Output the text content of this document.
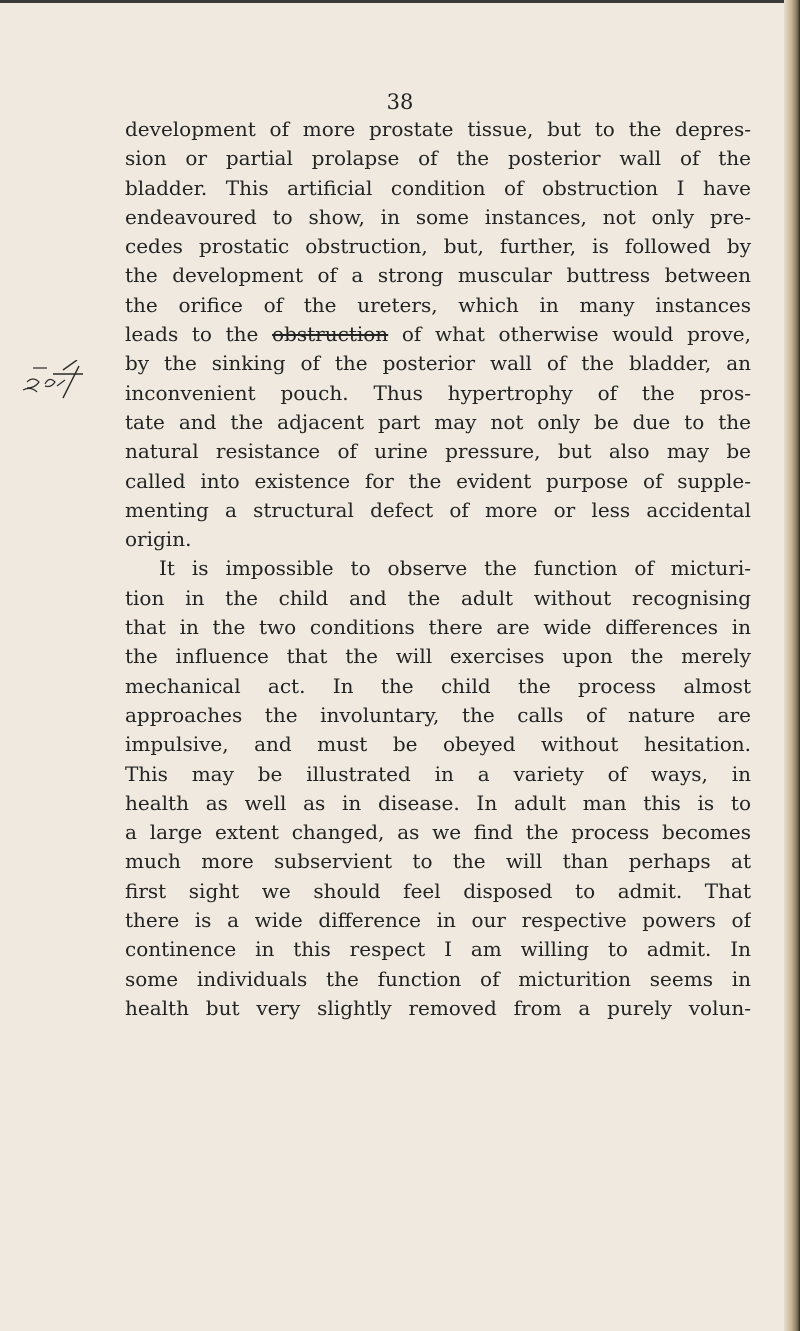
38
development of more prostate tissue, but to the depres-
sion or partial prolapse of the posterior wall of the
bladder. This artificial condition of obstruction I have
endeavoured to show, in some instances, not only pre-
cedes prostatic obstruction, but, further, is followed by
the development of a strong muscular buttress between
the orifice of the ureters, which in many instances
leads to the obstruction of what otherwise would prove,
by the sinking of the posterior wall of the bladder, an
inconvenient pouch. Thus hypertrophy of the pros-
tate and the adjacent part may not only be due to the
natural resistance of urine pressure, but also may be
called into existence for the evident purpose of supple-
menting a structural defect of more or less accidental
origin.
It is impossible to observe the function of micturi-
tion in the child and the adult without recognising
that in the two conditions there are wide differences in
the influence that the will exercises upon the merely
mechanical act. In the child the process almost
approaches the involuntary, the calls of nature are
impulsive, and must be obeyed without hesitation.
This may be illustrated in a variety of ways, in
health as well as in disease. In adult man this is to
a large extent changed, as we find the process becomes
much more subservient to the will than perhaps at
first sight we should feel disposed to admit. That
there is a wide difference in our respective powers of
continence in this respect I am willing to admit. In
some individuals the function of micturition seems in
health but very slightly removed from a purely volun-
